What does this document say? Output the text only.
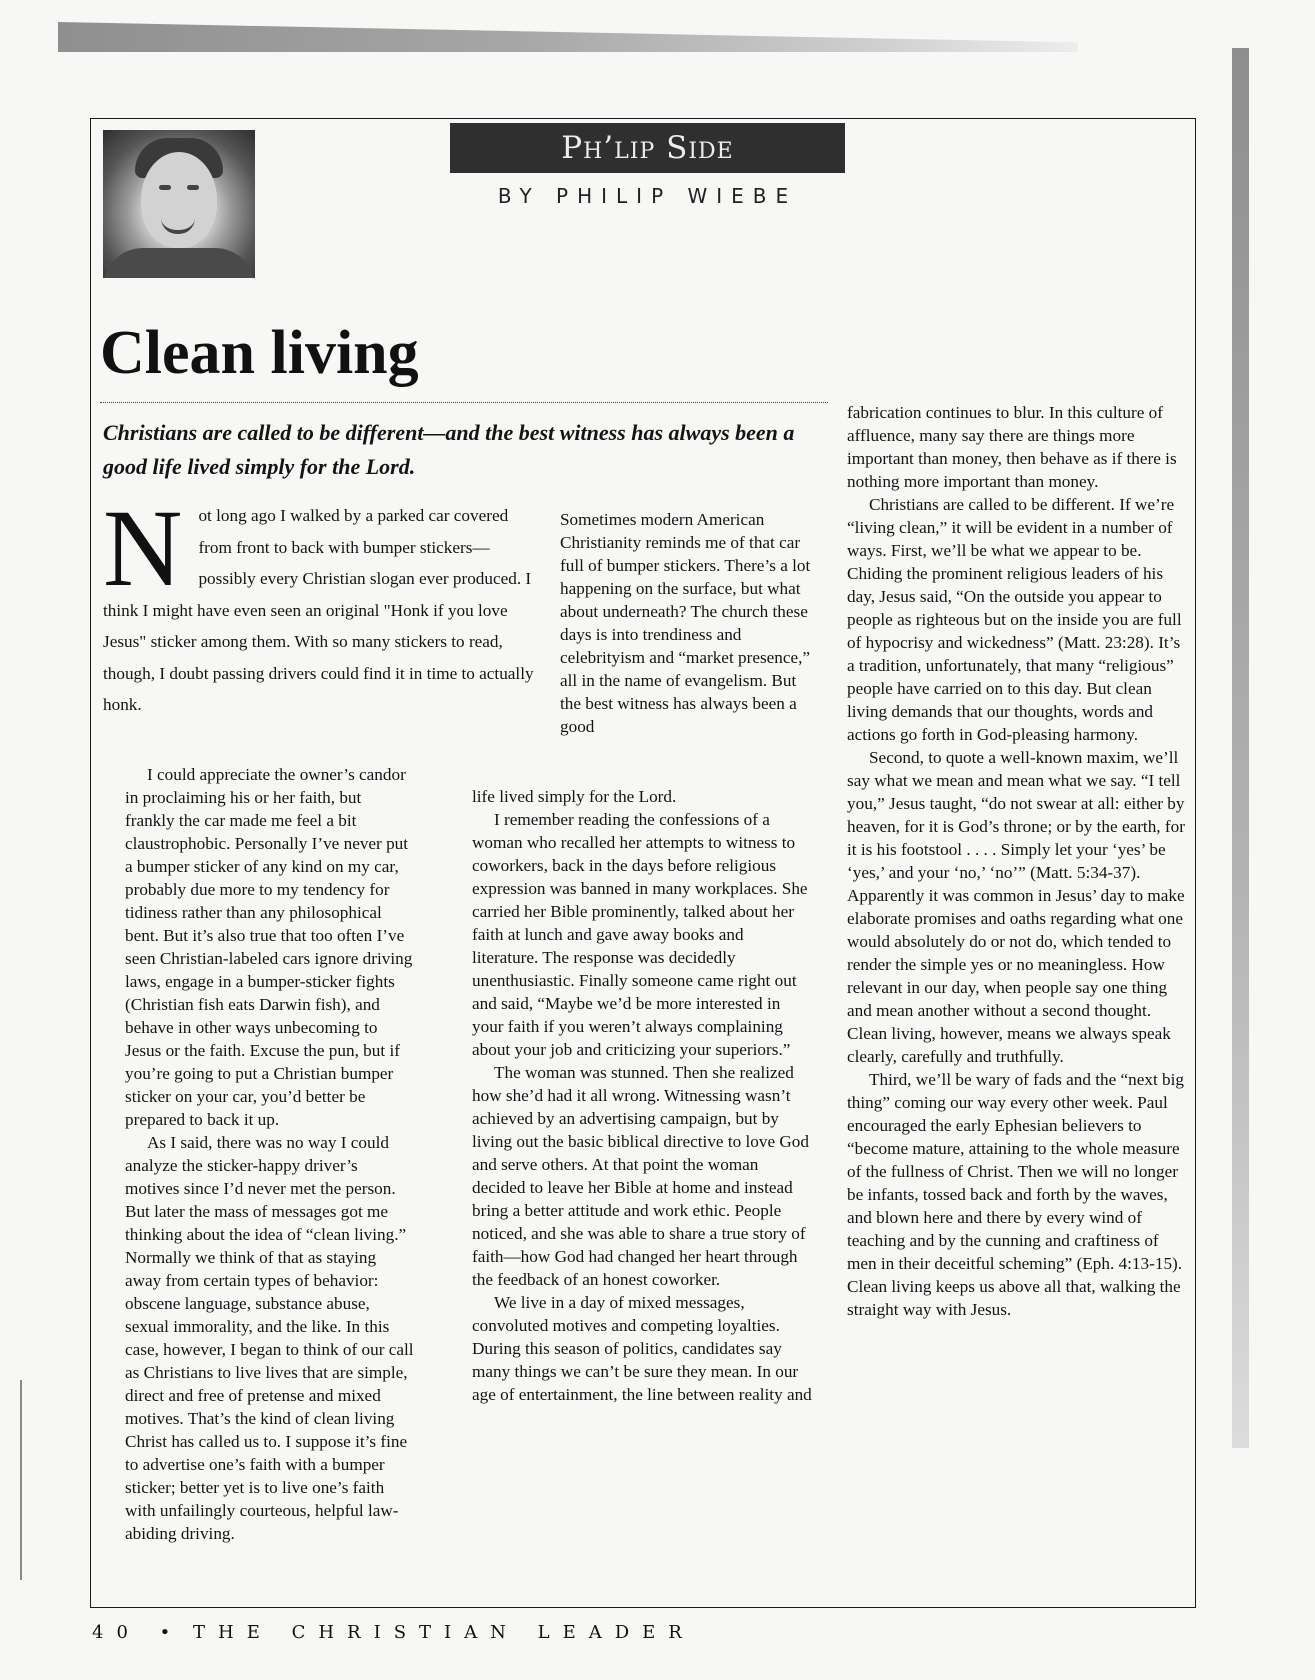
Ph’lip Side
BY PHILIP WIEBE
Clean living

Christians are called to be different—and the best witness has always been a good life lived simply for the Lord.

Not long ago I walked by a parked car covered from front to back with bumper stickers—possibly every Christian slogan ever produced. I think I might have even seen an original "Honk if you love Jesus" sticker among them. With so many stickers to read, though, I doubt passing drivers could find it in time to actually honk.

I could appreciate the owner’s candor in proclaiming his or her faith, but frankly the car made me feel a bit claustrophobic. Personally I’ve never put a bumper sticker of any kind on my car, probably due more to my tendency for tidiness rather than any philosophical bent. But it’s also true that too often I’ve seen Christian-labeled cars ignore driving laws, engage in a bumper-sticker fights (Christian fish eats Darwin fish), and behave in other ways unbecoming to Jesus or the faith. Excuse the pun, but if you’re going to put a Christian bumper sticker on your car, you’d better be prepared to back it up.

As I said, there was no way I could analyze the sticker-happy driver’s motives since I’d never met the person. But later the mass of messages got me thinking about the idea of “clean living.” Normally we think of that as staying away from certain types of behavior: obscene language, substance abuse, sexual immorality, and the like. In this case, however, I began to think of our call as Christians to live lives that are simple, direct and free of pretense and mixed motives. That’s the kind of clean living Christ has called us to. I suppose it’s fine to advertise one’s faith with a bumper sticker; better yet is to live one’s faith with unfailingly courteous, helpful law-abiding driving.

Sometimes modern American Christianity reminds me of that car full of bumper stickers. There’s a lot happening on the surface, but what about underneath? The church these days is into trendiness and celebrityism and “market presence,” all in the name of evangelism. But the best witness has always been a good

life lived simply for the Lord.

I remember reading the confessions of a woman who recalled her attempts to witness to coworkers, back in the days before religious expression was banned in many workplaces. She carried her Bible prominently, talked about her faith at lunch and gave away books and literature. The response was decidedly unenthusiastic. Finally someone came right out and said, “Maybe we’d be more interested in your faith if you weren’t always complaining about your job and criticizing your superiors.”

The woman was stunned. Then she realized how she’d had it all wrong. Witnessing wasn’t achieved by an advertising campaign, but by living out the basic biblical directive to love God and serve others. At that point the woman decided to leave her Bible at home and instead bring a better attitude and work ethic. People noticed, and she was able to share a true story of faith—how God had changed her heart through the feedback of an honest coworker.

We live in a day of mixed messages, convoluted motives and competing loyalties. During this season of politics, candidates say many things we can’t be sure they mean. In our age of entertainment, the line between reality and

fabrication continues to blur. In this culture of affluence, many say there are things more important than money, then behave as if there is nothing more important than money.

Christians are called to be different. If we’re “living clean,” it will be evident in a number of ways. First, we’ll be what we appear to be. Chiding the prominent religious leaders of his day, Jesus said, “On the outside you appear to people as righteous but on the inside you are full of hypocrisy and wickedness” (Matt. 23:28). It’s a tradition, unfortunately, that many “religious” people have carried on to this day. But clean living demands that our thoughts, words and actions go forth in God-pleasing harmony.

Second, to quote a well-known maxim, we’ll say what we mean and mean what we say. “I tell you,” Jesus taught, “do not swear at all: either by heaven, for it is God’s throne; or by the earth, for it is his footstool . . . . Simply let your ‘yes’ be ‘yes,’ and your ‘no,’ ‘no’” (Matt. 5:34-37). Apparently it was common in Jesus’ day to make elaborate promises and oaths regarding what one would absolutely do or not do, which tended to render the simple yes or no meaningless. How relevant in our day, when people say one thing and mean another without a second thought. Clean living, however, means we always speak clearly, carefully and truthfully.

Third, we’ll be wary of fads and the “next big thing” coming our way every other week. Paul encouraged the early Ephesian believers to “become mature, attaining to the whole measure of the fullness of Christ. Then we will no longer be infants, tossed back and forth by the waves, and blown here and there by every wind of teaching and by the cunning and craftiness of men in their deceitful scheming” (Eph. 4:13-15). Clean living keeps us above all that, walking the straight way with Jesus.

40 • THE CHRISTIAN LEADER
